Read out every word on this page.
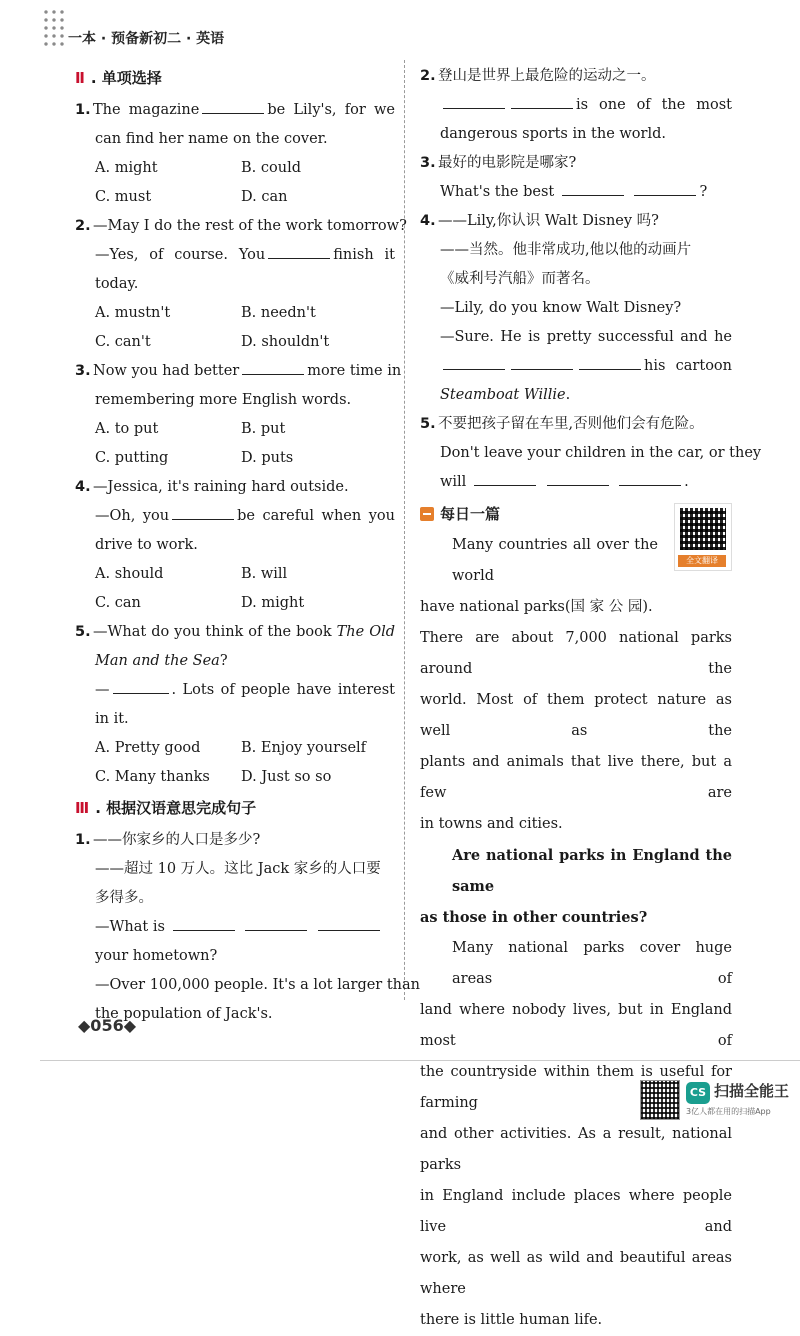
一本 · 预备新初二 · 英语
Ⅱ . 单项选择
1. The magazine	be Lily's, for we
can find her name on the cover.
A. might	B. could
C. must	D. can
2. —May I do the rest of the work tomorrow?
—Yes, of course. You	finish it
today.
A. mustn't	B. needn't
C. can't	D. shouldn't
3. Now you had better	more time in
remembering more English words.
A. to put	B. put
C. putting	D. puts
4. —Jessica, it's raining hard outside.
—Oh, you	be careful when you
drive to work.
A. should	B. will
C. can	D. might
5. —What do you think of the book The Old
Man and the Sea?
—	. Lots of people have interest
in it.
A. Pretty good	B. Enjoy yourself
C. Many thanks	D. Just so so
Ⅲ . 根据汉语意思完成句子
1. ——你家乡的人口是多少?
——超过 10 万人。这比 Jack 家乡的人口要
多得多。
—What is
your hometown?
—Over 100,000 people. It's a lot larger than
the population of Jack's.
2. 登山是世界上最危险的运动之一。
is one of the most
dangerous sports in the world.
3. 最好的电影院是哪家?
What's the best	?
4. ——Lily,你认识 Walt Disney 吗?
——当然。他非常成功,他以他的动画片
《威利号汽船》而著名。
—Lily, do you know Walt Disney?
—Sure. He is pretty successful and he
his cartoon
Steamboat Willie.
5. 不要把孩子留在车里,否则他们会有危险。
Don't leave your children in the car, or they
will	.
全文翻译
每日一篇
Many countries all over the world
have national parks(国 家 公 园).
There are about 7,000 national parks around the
world. Most of them protect nature as well as the
plants and animals that live there, but a few are
in towns and cities.
Are national parks in England the same
as those in other countries?
Many national parks cover huge areas of
land where nobody lives, but in England most of
the countryside within them is useful for farming
and other activities. As a result, national parks
in England include places where people live and
work, as well as wild and beautiful areas where
there is little human life.
◆056◆
CS 扫描全能王
3亿人都在用的扫描App
